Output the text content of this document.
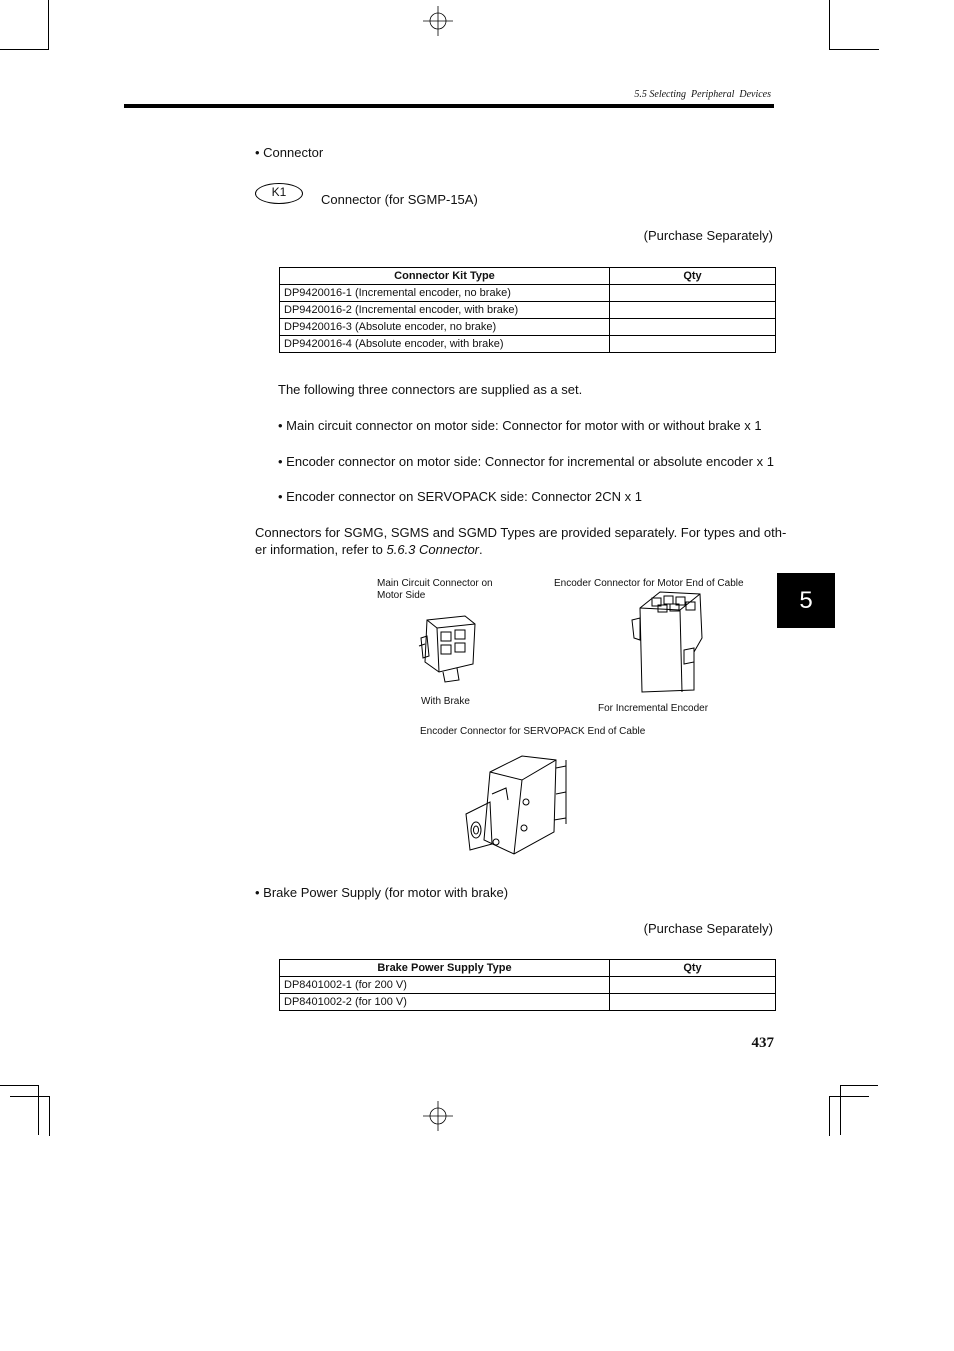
5.5 Selecting Peripheral Devices
• Connector
K1	Connector (for SGMP-15A)
(Purchase Separately)
Connector Kit Type	Qty
DP9420016-1 (Incremental encoder, no brake)	
DP9420016-2 (Incremental encoder, with brake)	
DP9420016-3 (Absolute encoder, no brake)	
DP9420016-4 (Absolute encoder, with brake)	
The following three connectors are supplied as a set.
• Main circuit connector on motor side: Connector for motor with or without brake x 1
• Encoder connector on motor side: Connector for incremental or absolute encoder x 1
• Encoder connector on SERVOPACK side: Connector 2CN x 1
Connectors for SGMG, SGMS and SGMD Types are provided separately. For types and oth-
er information, refer to 5.6.3 Connector.
Main Circuit Connector on
Motor Side
Encoder Connector for Motor End of Cable
With Brake
For Incremental Encoder
Encoder Connector for SERVOPACK End of Cable
• Brake Power Supply (for motor with brake)
(Purchase Separately)
Brake Power Supply Type	Qty
DP8401002-1 (for 200 V)	
DP8401002-2 (for 100 V)	
5
437
